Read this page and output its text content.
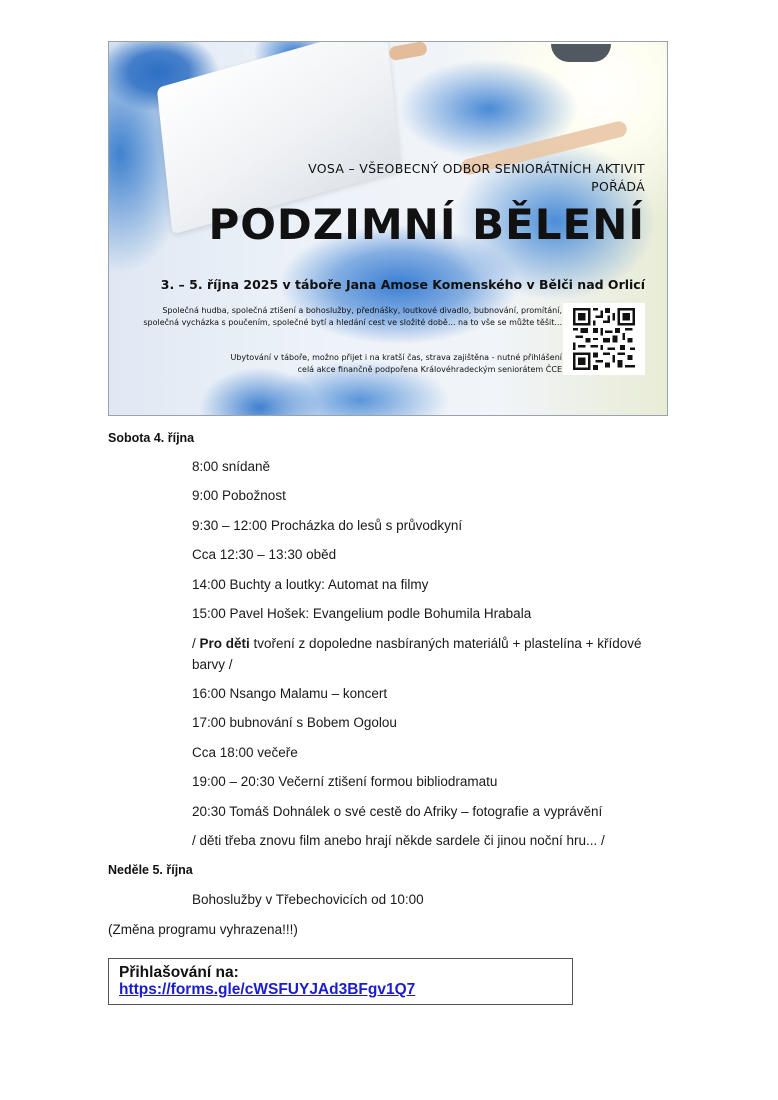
VOSA – VŠEOBECNÝ ODBOR SENIORÁTNÍCH AKTIVIT
POŘÁDÁ
PODZIMNÍ BĚLENÍ
3. – 5. října 2025 v táboře Jana Amose Komenského v Bělči nad Orlicí
Společná hudba, společná ztišení a bohoslužby, přednášky, loutkové divadlo, bubnování, promítání, společná vycházka s poučením, společné bytí a hledání cest ve složité době... na to vše se můžte těšit...
Ubytování v táboře, možno přijet i na kratší čas, strava zajištěna - nutné přihlášení
celá akce finančně podpořena Královéhradeckým seniorátem ČCE
Sobota 4. října
8:00 snídaně
9:00 Pobožnost
9:30 – 12:00 Procházka do lesů s průvodkyní
Cca 12:30 – 13:30 oběd
14:00 Buchty a loutky: Automat na filmy
15:00 Pavel Hošek: Evangelium podle Bohumila Hrabala
/ Pro děti tvoření z dopoledne nasbíraných materiálů + plastelína + křídové barvy /
16:00 Nsango Malamu – koncert
17:00 bubnování s Bobem Ogolou
Cca 18:00 večeře
19:00 – 20:30 Večerní ztišení formou bibliodramatu
20:30 Tomáš Dohnálek o své cestě do Afriky – fotografie a vyprávění
/ děti třeba znovu film anebo hrají někde sardele či jinou noční hru... /
Neděle 5. října
Bohoslužby v Třebechovicích od 10:00
(Změna programu vyhrazena!!!)
Přihlašování na:
https://forms.gle/cWSFUYJAd3BFgv1Q7
